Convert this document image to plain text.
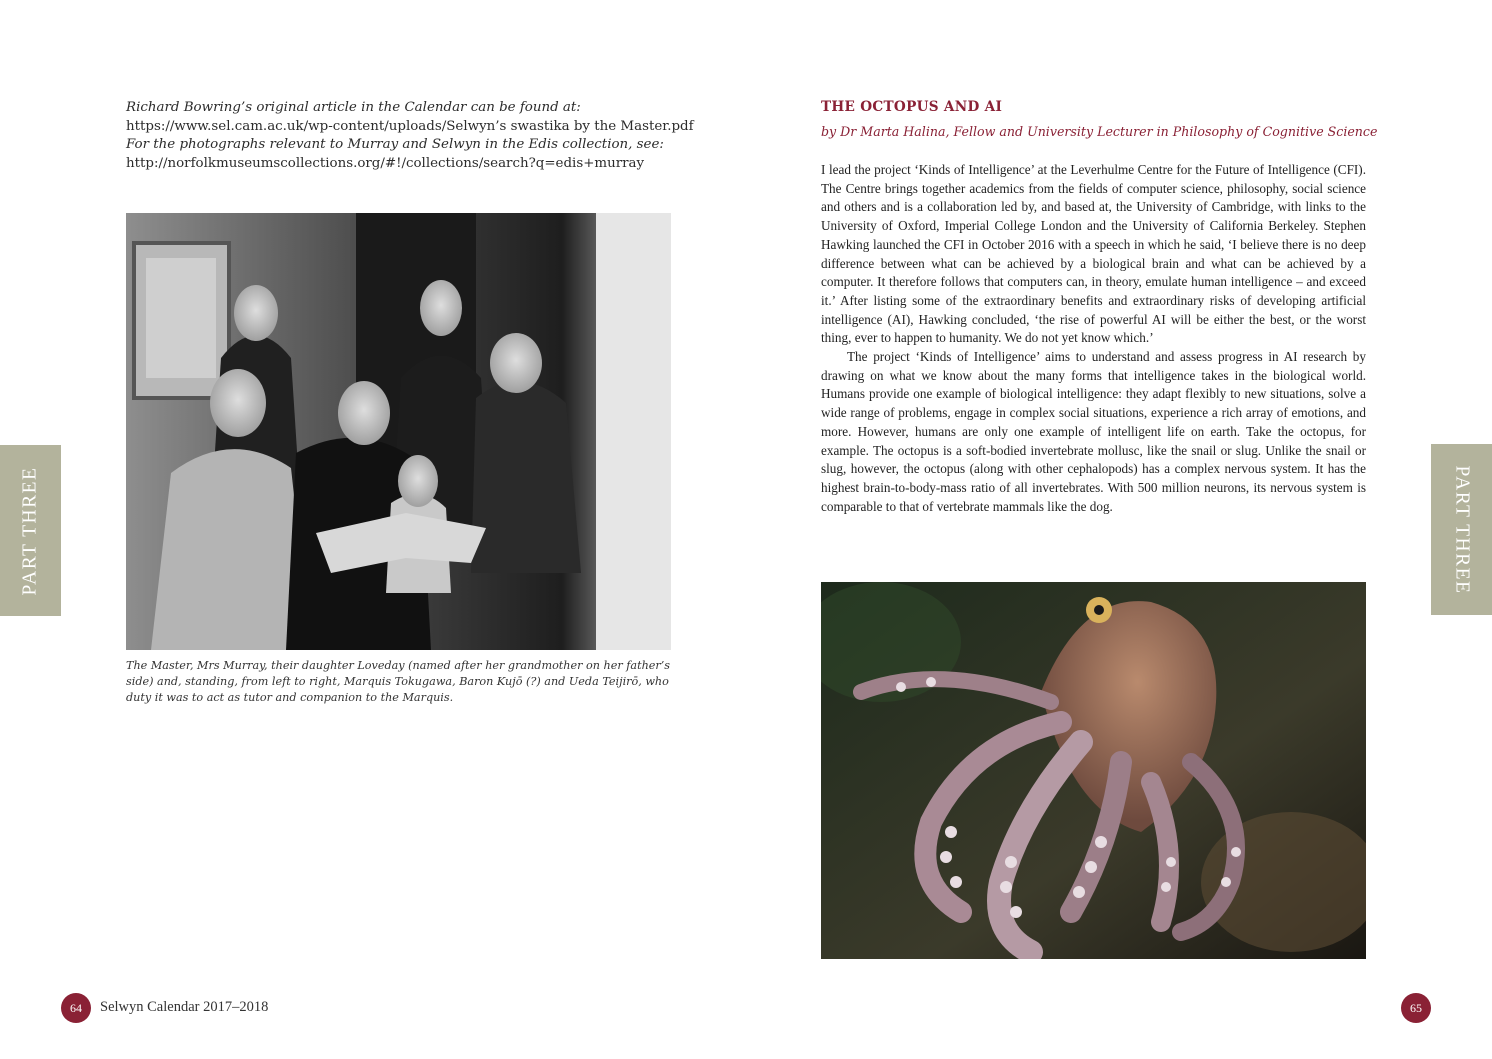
Richard Bowring’s original article in the Calendar can be found at:
https://www.sel.cam.ac.uk/wp-content/uploads/Selwyn’s swastika by the Master.pdf
For the photographs relevant to Murray and Selwyn in the Edis collection, see:
http://norfolkmuseumscollections.org/#!/collections/search?q=edis+murray
The Master, Mrs Murray, their daughter Loveday (named after her grandmother on her father’s side) and, standing, from left to right, Marquis Tokugawa, Baron Kujō (?) and Ueda Teijirō, who duty it was to act as tutor and companion to the Marquis.
PART THREE
64	Selwyn Calendar 2017–2018
THE OCTOPUS AND AI
by Dr Marta Halina, Fellow and University Lecturer in Philosophy of Cognitive Science

I lead the project ‘Kinds of Intelligence’ at the Leverhulme Centre for the Future of Intelligence (CFI). The Centre brings together academics from the fields of computer science, philosophy, social science and others and is a collaboration led by, and based at, the University of Cambridge, with links to the University of Oxford, Imperial College London and the University of California Berkeley. Stephen Hawking launched the CFI in October 2016 with a speech in which he said, ‘I believe there is no deep difference between what can be achieved by a biological brain and what can be achieved by a computer. It therefore follows that computers can, in theory, emulate human intelligence – and exceed it.’ After listing some of the extraordinary benefits and extraordinary risks of developing artificial intelligence (AI), Hawking concluded, ‘the rise of powerful AI will be either the best, or the worst thing, ever to happen to humanity. We do not yet know which.’

The project ‘Kinds of Intelligence’ aims to understand and assess progress in AI research by drawing on what we know about the many forms that intelligence takes in the biological world. Humans provide one example of biological intelligence: they adapt flexibly to new situations, solve a wide range of problems, engage in complex social situations, experience a rich array of emotions, and more. However, humans are only one example of intelligent life on earth. Take the octopus, for example. The octopus is a soft-bodied invertebrate mollusc, like the snail or slug. Unlike the snail or slug, however, the octopus (along with other cephalopods) has a complex nervous system. It has the highest brain-to-body-mass ratio of all invertebrates. With 500 million neurons, its nervous system is comparable to that of vertebrate mammals like the dog.	PART THREE
65
